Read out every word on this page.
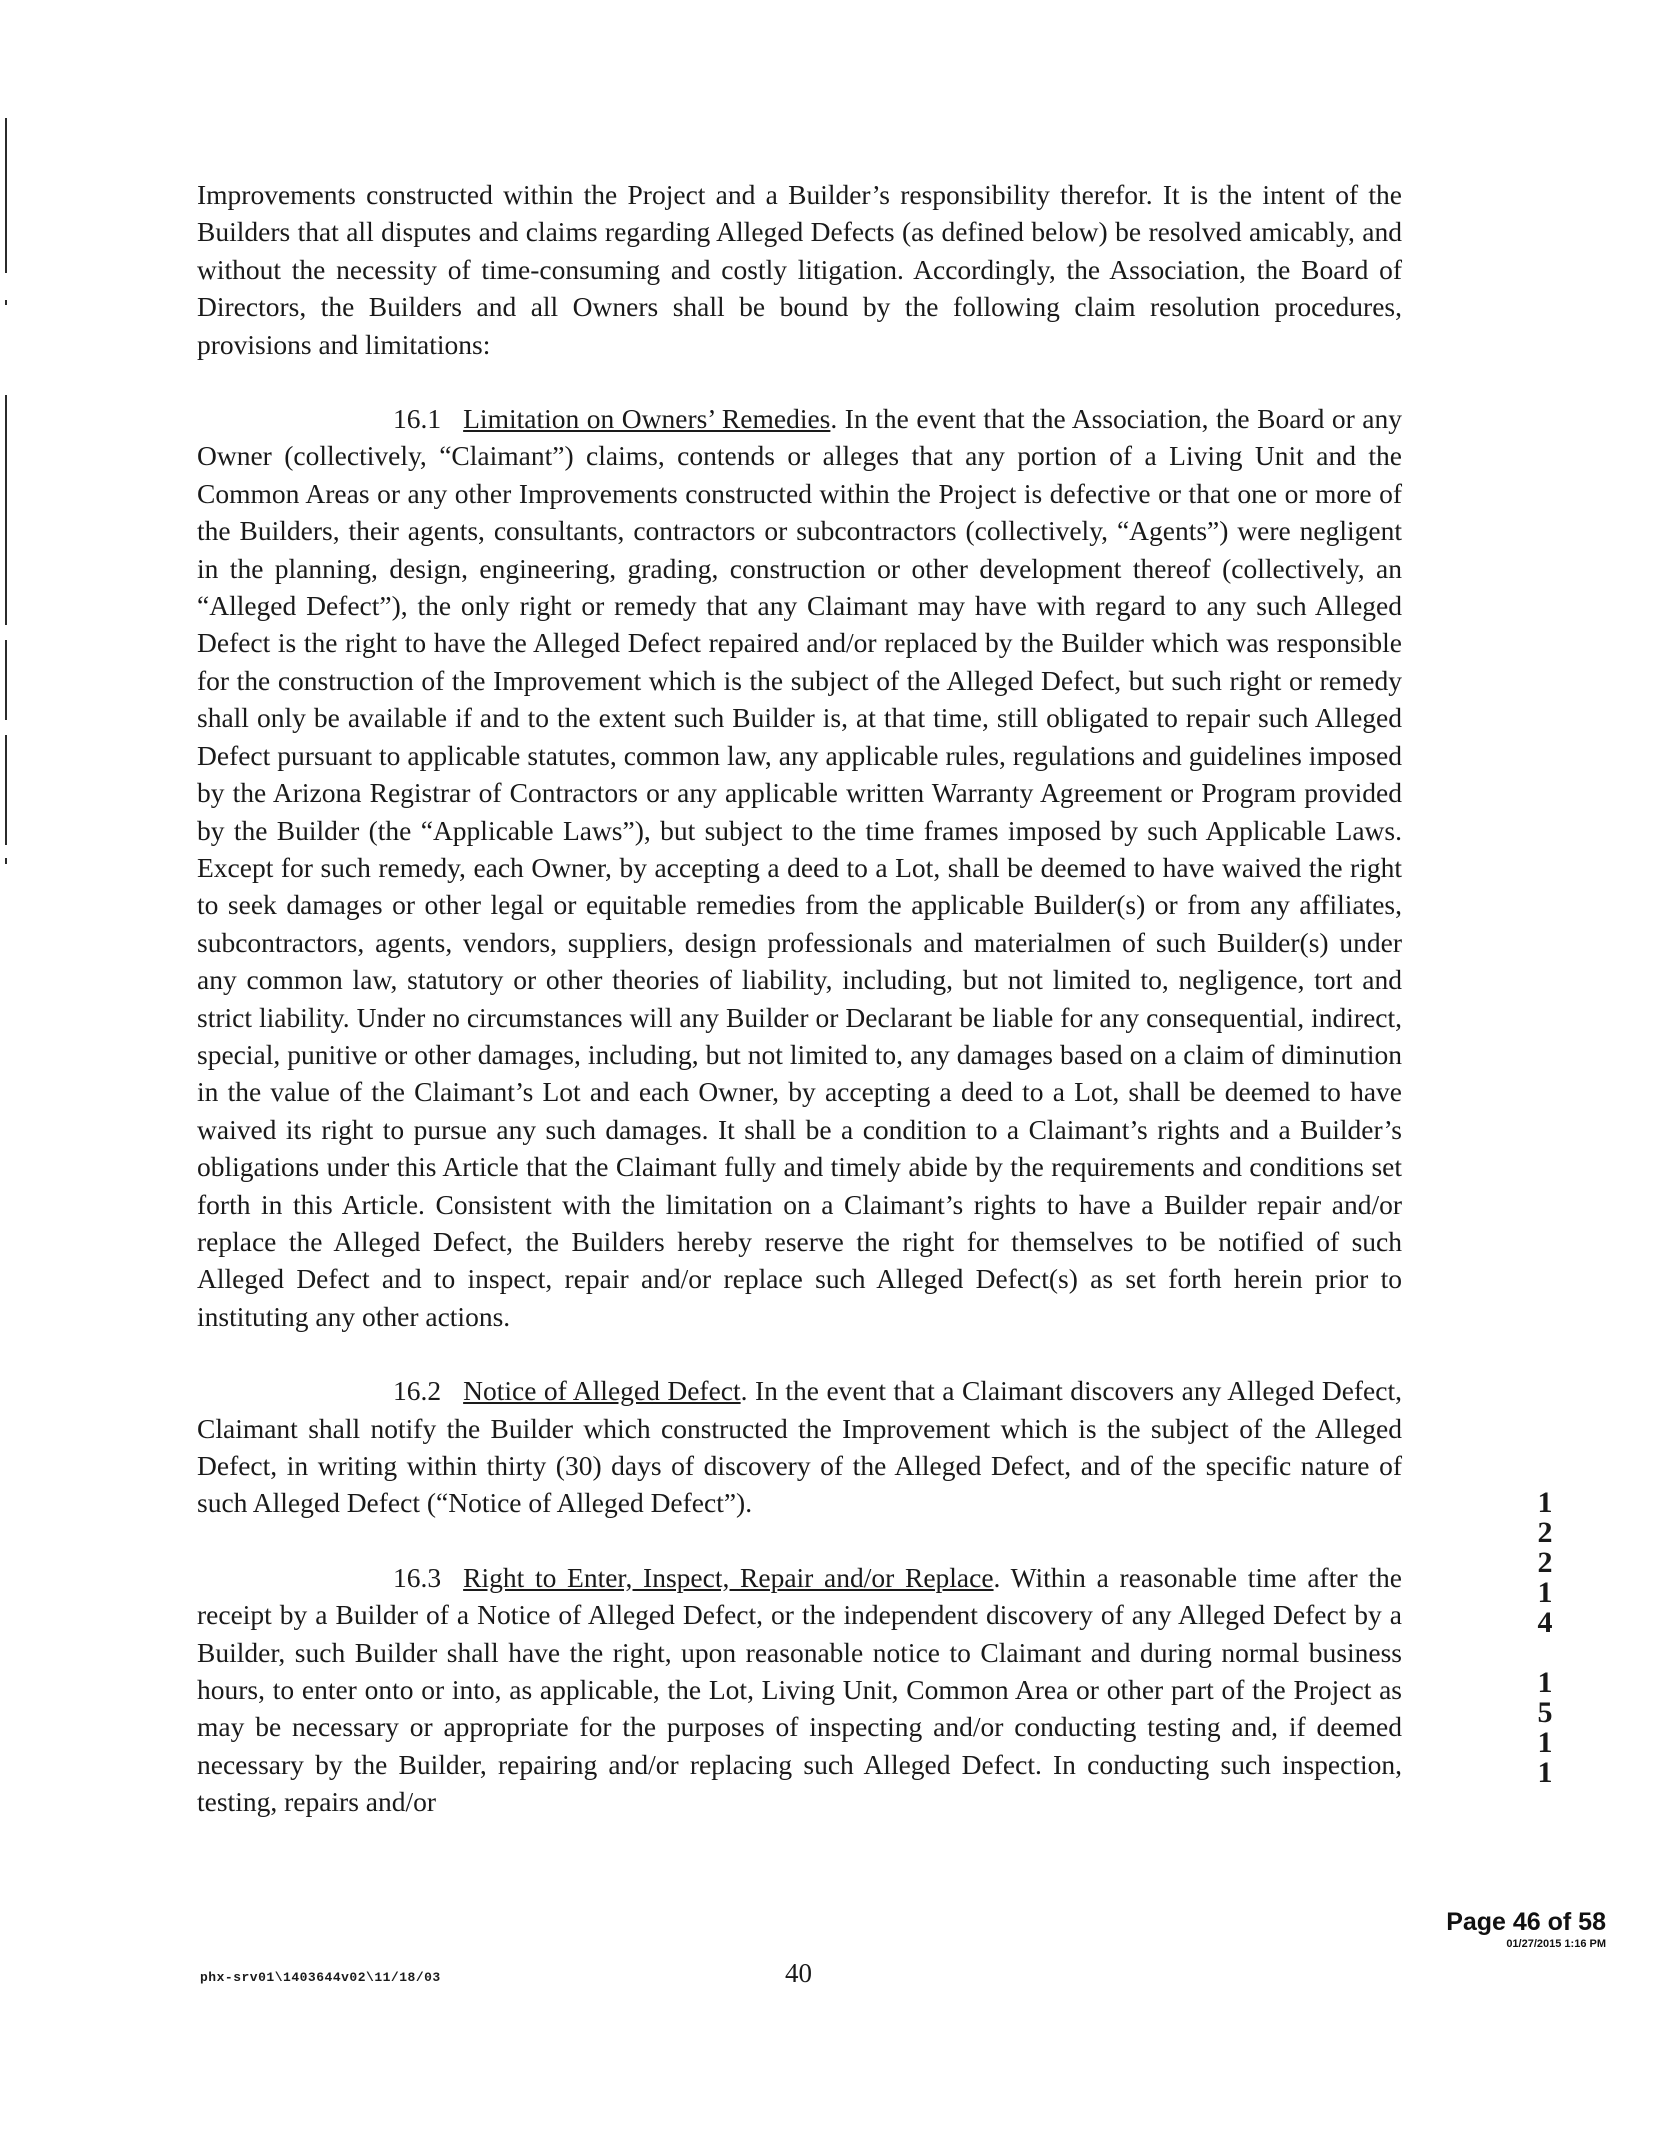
Improvements constructed within the Project and a Builder’s responsibility therefor. It is the intent of the Builders that all disputes and claims regarding Alleged Defects (as defined below) be resolved amicably, and without the necessity of time-consuming and costly litigation. Accordingly, the Association, the Board of Directors, the Builders and all Owners shall be bound by the following claim resolution procedures, provisions and limitations:

16.1 Limitation on Owners’ Remedies. In the event that the Association, the Board or any Owner (collectively, “Claimant”) claims, contends or alleges that any portion of a Living Unit and the Common Areas or any other Improvements constructed within the Project is defective or that one or more of the Builders, their agents, consultants, contractors or subcontractors (collectively, “Agents”) were negligent in the planning, design, engineering, grading, construction or other development thereof (collectively, an “Alleged Defect”), the only right or remedy that any Claimant may have with regard to any such Alleged Defect is the right to have the Alleged Defect repaired and/or replaced by the Builder which was responsible for the construction of the Improvement which is the subject of the Alleged Defect, but such right or remedy shall only be available if and to the extent such Builder is, at that time, still obligated to repair such Alleged Defect pursuant to applicable statutes, common law, any applicable rules, regulations and guidelines imposed by the Arizona Registrar of Contractors or any applicable written Warranty Agreement or Program provided by the Builder (the “Applicable Laws”), but subject to the time frames imposed by such Applicable Laws. Except for such remedy, each Owner, by accepting a deed to a Lot, shall be deemed to have waived the right to seek damages or other legal or equitable remedies from the applicable Builder(s) or from any affiliates, subcontractors, agents, vendors, suppliers, design professionals and materialmen of such Builder(s) under any common law, statutory or other theories of liability, including, but not limited to, negligence, tort and strict liability. Under no circumstances will any Builder or Declarant be liable for any consequential, indirect, special, punitive or other damages, including, but not limited to, any damages based on a claim of diminution in the value of the Claimant’s Lot and each Owner, by accepting a deed to a Lot, shall be deemed to have waived its right to pursue any such damages. It shall be a condition to a Claimant’s rights and a Builder’s obligations under this Article that the Claimant fully and timely abide by the requirements and conditions set forth in this Article. Consistent with the limitation on a Claimant’s rights to have a Builder repair and/or replace the Alleged Defect, the Builders hereby reserve the right for themselves to be notified of such Alleged Defect and to inspect, repair and/or replace such Alleged Defect(s) as set forth herein prior to instituting any other actions.

16.2 Notice of Alleged Defect. In the event that a Claimant discovers any Alleged Defect, Claimant shall notify the Builder which constructed the Improvement which is the subject of the Alleged Defect, in writing within thirty (30) days of discovery of the Alleged Defect, and of the specific nature of such Alleged Defect (“Notice of Alleged Defect”).

16.3 Right to Enter, Inspect, Repair and/or Replace. Within a reasonable time after the receipt by a Builder of a Notice of Alleged Defect, or the independent discovery of any Alleged Defect by a Builder, such Builder shall have the right, upon reasonable notice to Claimant and during normal business hours, to enter onto or into, as applicable, the Lot, Living Unit, Common Area or other part of the Project as may be necessary or appropriate for the purposes of inspecting and/or conducting testing and, if deemed necessary by the Builder, repairing and/or replacing such Alleged Defect. In conducting such inspection, testing, repairs and/or

1
2
2
1
4
1
5
1
1
Page 46 of 58
01/27/2015 1:16 PM
phx-srv01\1403644v02\11/18/03	40
